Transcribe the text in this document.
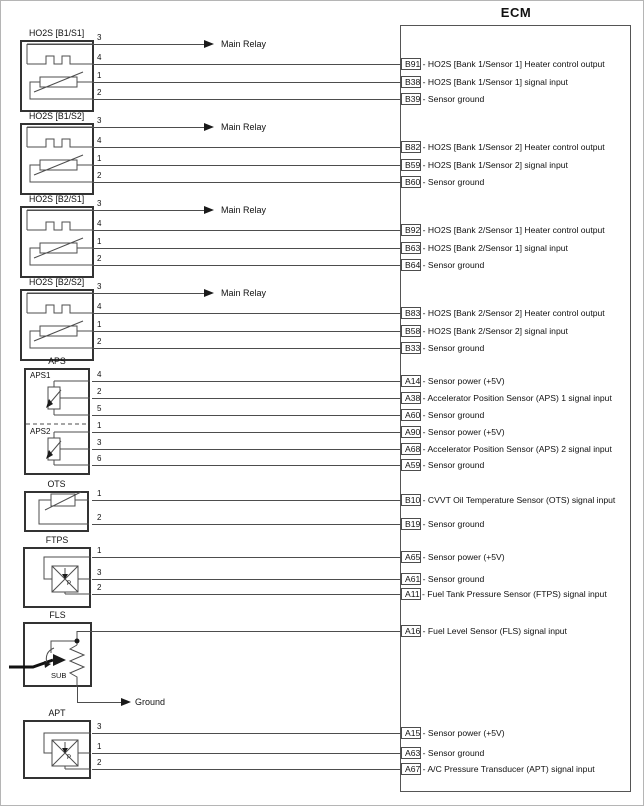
ECM
HO2S [B1/S1]
HO2S [B1/S2]
HO2S [B2/S1]
HO2S [B2/S2]
APS
APS1
APS2
OTS
FTPS
P
FLS
SUB
Ground
APT
P
Main Relay
Main Relay
Main Relay
Main Relay
3
4
1
2
3
4
1
2
3
4
1
2
3
4
1
2
4
2
5
1
3
6
1
2
1
3
2
3
1
2
B91 - HO2S [Bank 1/Sensor 1] Heater control output
B38 - HO2S [Bank 1/Sensor 1] signal input
B39 - Sensor ground
B82 - HO2S [Bank 1/Sensor 2] Heater control output
B59 - HO2S [Bank 1/Sensor 2] signal input
B60 - Sensor ground
B92 - HO2S [Bank 2/Sensor 1] Heater control output
B63 - HO2S [Bank 2/Sensor 1] signal input
B64 - Sensor ground
B83 - HO2S [Bank 2/Sensor 2] Heater control output
B58 - HO2S [Bank 2/Sensor 2] signal input
B33 - Sensor ground
A14 - Sensor power (+5V)
A38 - Accelerator Position Sensor (APS) 1 signal input
A60 - Sensor ground
A90 - Sensor power (+5V)
A68 - Accelerator Position Sensor (APS) 2 signal input
A59 - Sensor ground
B10 - CVVT Oil Temperature Sensor (OTS) signal input
B19 - Sensor ground
A65 - Sensor power (+5V)
A61 - Sensor ground
A11 - Fuel Tank Pressure Sensor (FTPS) signal input
A16 - Fuel Level Sensor (FLS) signal input
A15 - Sensor power (+5V)
A63 - Sensor ground
A67 - A/C Pressure Transducer (APT) signal input
